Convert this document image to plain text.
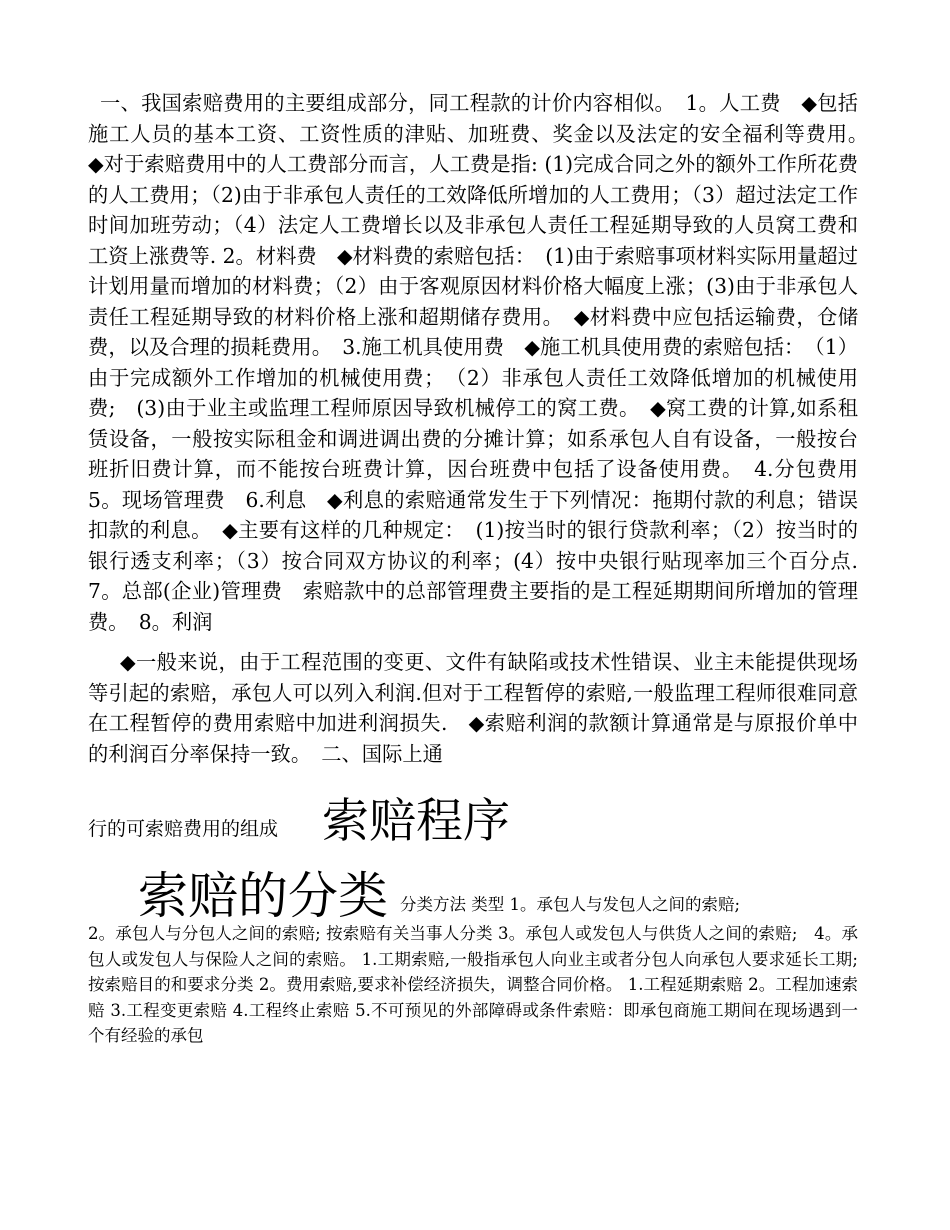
一、我国索赔费用的主要组成部分，同工程款的计价内容相似。　1。人工费　◆包括施工人员的基本工资、工资性质的津贴、加班费、奖金以及法定的安全福利等费用。　◆对于索赔费用中的人工费部分而言，人工费是指: (1)完成合同之外的额外工作所花费的人工费用；（2)由于非承包人责任的工效降低所增加的人工费用；（3）超过法定工作时间加班劳动；（4）法定人工费增长以及非承包人责任工程延期导致的人员窝工费和工资上涨费等. 2。材料费　◆材料费的索赔包括：　(1)由于索赔事项材料实际用量超过计划用量而增加的材料费；（2）由于客观原因材料价格大幅度上涨；(3)由于非承包人责任工程延期导致的材料价格上涨和超期储存费用。　◆材料费中应包括运输费，仓储费，以及合理的损耗费用。　3.施工机具使用费　◆施工机具使用费的索赔包括：　（1）由于完成额外工作增加的机械使用费；　（2）非承包人责任工效降低增加的机械使用费;　(3)由于业主或监理工程师原因导致机械停工的窝工费。　◆窝工费的计算,如系租赁设备，一般按实际租金和调进调出费的分摊计算；如系承包人自有设备，一般按台班折旧费计算，而不能按台班费计算，因台班费中包括了设备使用费。　4.分包费用　5。现场管理费　6.利息　◆利息的索赔通常发生于下列情况：拖期付款的利息；错误扣款的利息。　◆主要有这样的几种规定：　(1)按当时的银行贷款利率；（2）按当时的银行透支利率；（3）按合同双方协议的利率；(4）按中央银行贴现率加三个百分点.　7。总部(企业)管理费　索赔款中的总部管理费主要指的是工程延期期间所增加的管理费。　8。利润

◆一般来说，由于工程范围的变更、文件有缺陷或技术性错误、业主未能提供现场等引起的索赔，承包人可以列入利润.但对于工程暂停的索赔,一般监理工程师很难同意在工程暂停的费用索赔中加进利润损失.　◆索赔利润的款额计算通常是与原报价单中的利润百分率保持一致。　二、国际上通

行的可索赔费用的组成 索赔程序
索赔的分类 分类方法 类型 1。承包人与发包人之间的索赔;

2。承包人与分包人之间的索赔; 按索赔有关当事人分类 3。承包人或发包人与供货人之间的索赔;　4。承包人或发包人与保险人之间的索赔。 1.工期索赔,一般指承包人向业主或者分包人向承包人要求延长工期;　按索赔目的和要求分类 2。费用索赔,要求补偿经济损失，调整合同价格。 1.工程延期索赔 2。工程加速索赔 3.工程变更索赔 4.工程终止索赔 5.不可预见的外部障碍或条件索赔：即承包商施工期间在现场遇到一个有经验的承包
